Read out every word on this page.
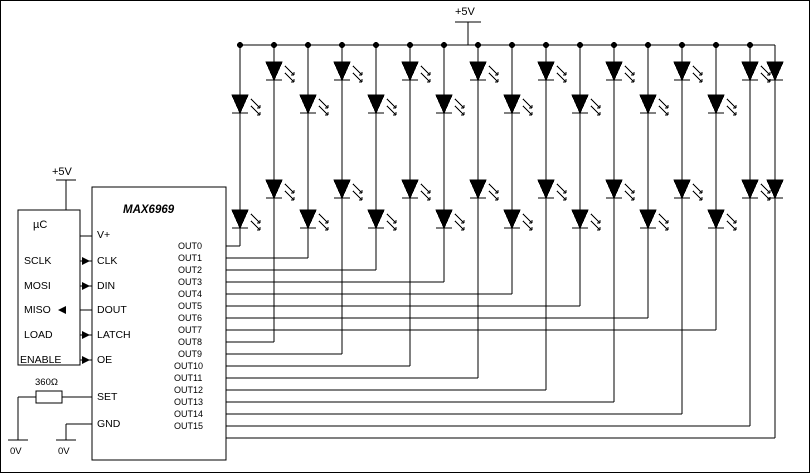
+5V
+5V
MAX6969
µC
V+
CLK
DIN
DOUT
LATCH
OE
SET
GND
SCLK
MOSI
MISO
LOAD
ENABLE
360Ω
0V	0V
OUT0
OUT1
OUT2
OUT3
OUT4
OUT5
OUT6
OUT7
OUT8
OUT9
OUT10
OUT11
OUT12
OUT13
OUT14
OUT15
